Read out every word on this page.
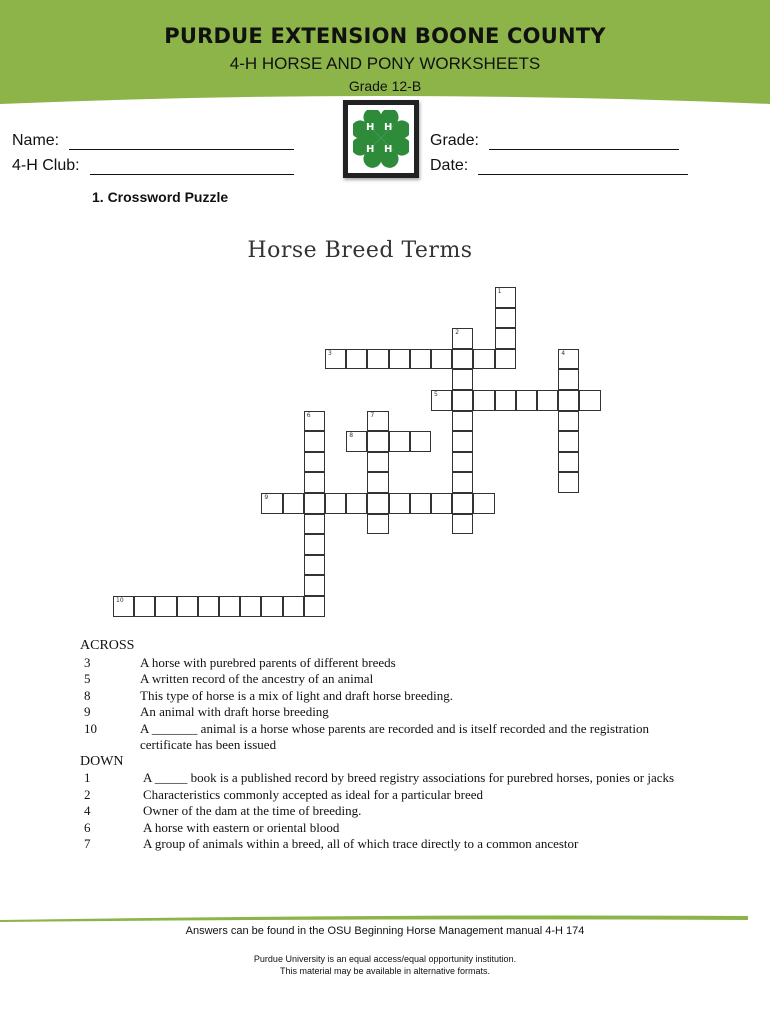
PURDUE EXTENSION BOONE COUNTY
4-H HORSE AND PONY WORKSHEETS
Grade 12-B
H H
H H
Name:
4-H Club:
Grade:
Date:
1. Crossword Puzzle
Horse Breed Terms
1
2
3	4
5
6	7
8
9
10
ACROSS
3	A horse with purebred parents of different breeds
5	A written record of the ancestry of an animal
8	This type of horse is a mix of light and draft horse breeding.
9	An animal with draft horse breeding
10	A _______ animal is a horse whose parents are recorded and is itself recorded and the registration certificate has been issued
DOWN
1	A _____ book is a published record by breed registry associations for purebred horses, ponies or jacks
2	Characteristics commonly accepted as ideal for a particular breed
4	Owner of the dam at the time of breeding.
6	A horse with eastern or oriental blood
7	A group of animals within a breed, all of which trace directly to a common ancestor
Answers can be found in the OSU Beginning Horse Management manual 4-H 174
Purdue University is an equal access/equal opportunity institution.
This material may be available in alternative formats.
